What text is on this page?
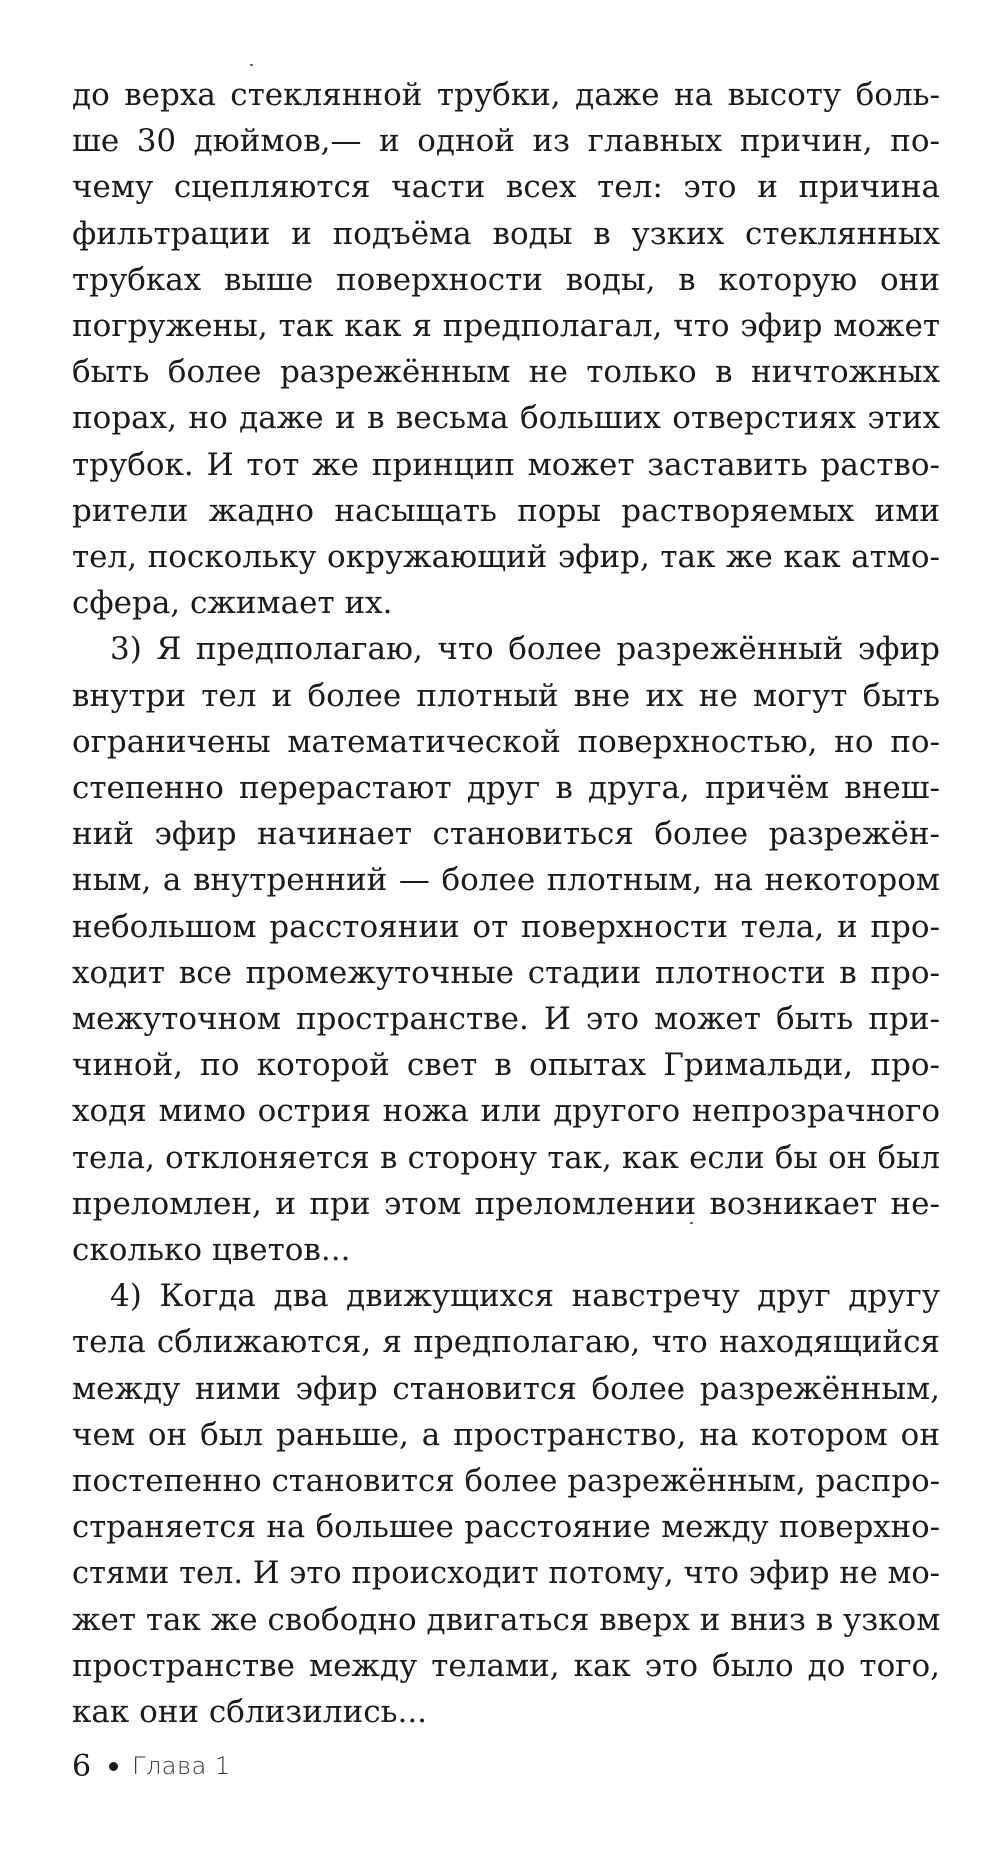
до верха стеклянной трубки, даже на высоту боль-
ше 30 дюймов,— и одной из главных причин, по-
чему сцепляются части всех тел: это и причина
фильтрации и подъёма воды в узких стеклянных
трубках выше поверхности воды, в которую они
погружены, так как я предполагал, что эфир может
быть более разрежённым не только в ничтожных
порах, но даже и в весьма больших отверстиях этих
трубок. И тот же принцип может заставить раство-
рители жадно насыщать поры растворяемых ими
тел, поскольку окружающий эфир, так же как атмо-
сфера, сжимает их.
3) Я предполагаю, что более разрежённый эфир
внутри тел и более плотный вне их не могут быть
ограничены математической поверхностью, но по-
степенно перерастают друг в друга, причём внеш-
ний эфир начинает становиться более разрежён-
ным, а внутренний — более плотным, на некотором
небольшом расстоянии от поверхности тела, и про-
ходит все промежуточные стадии плотности в про-
межуточном пространстве. И это может быть при-
чиной, по которой свет в опытах Гримальди, про-
ходя мимо острия ножа или другого непрозрачного
тела, отклоняется в сторону так, как если бы он был
преломлен, и при этом преломлении возникает не-
сколько цветов...
4) Когда два движущихся навстречу друг другу
тела сближаются, я предполагаю, что находящийся
между ними эфир становится более разрежённым,
чем он был раньше, а пространство, на котором он
постепенно становится более разрежённым, распро-
страняется на большее расстояние между поверхно-
стями тел. И это происходит потому, что эфир не мо-
жет так же свободно двигаться вверх и вниз в узком
пространстве между телами, как это было до того,
как они сблизились...
6 Глава 1
